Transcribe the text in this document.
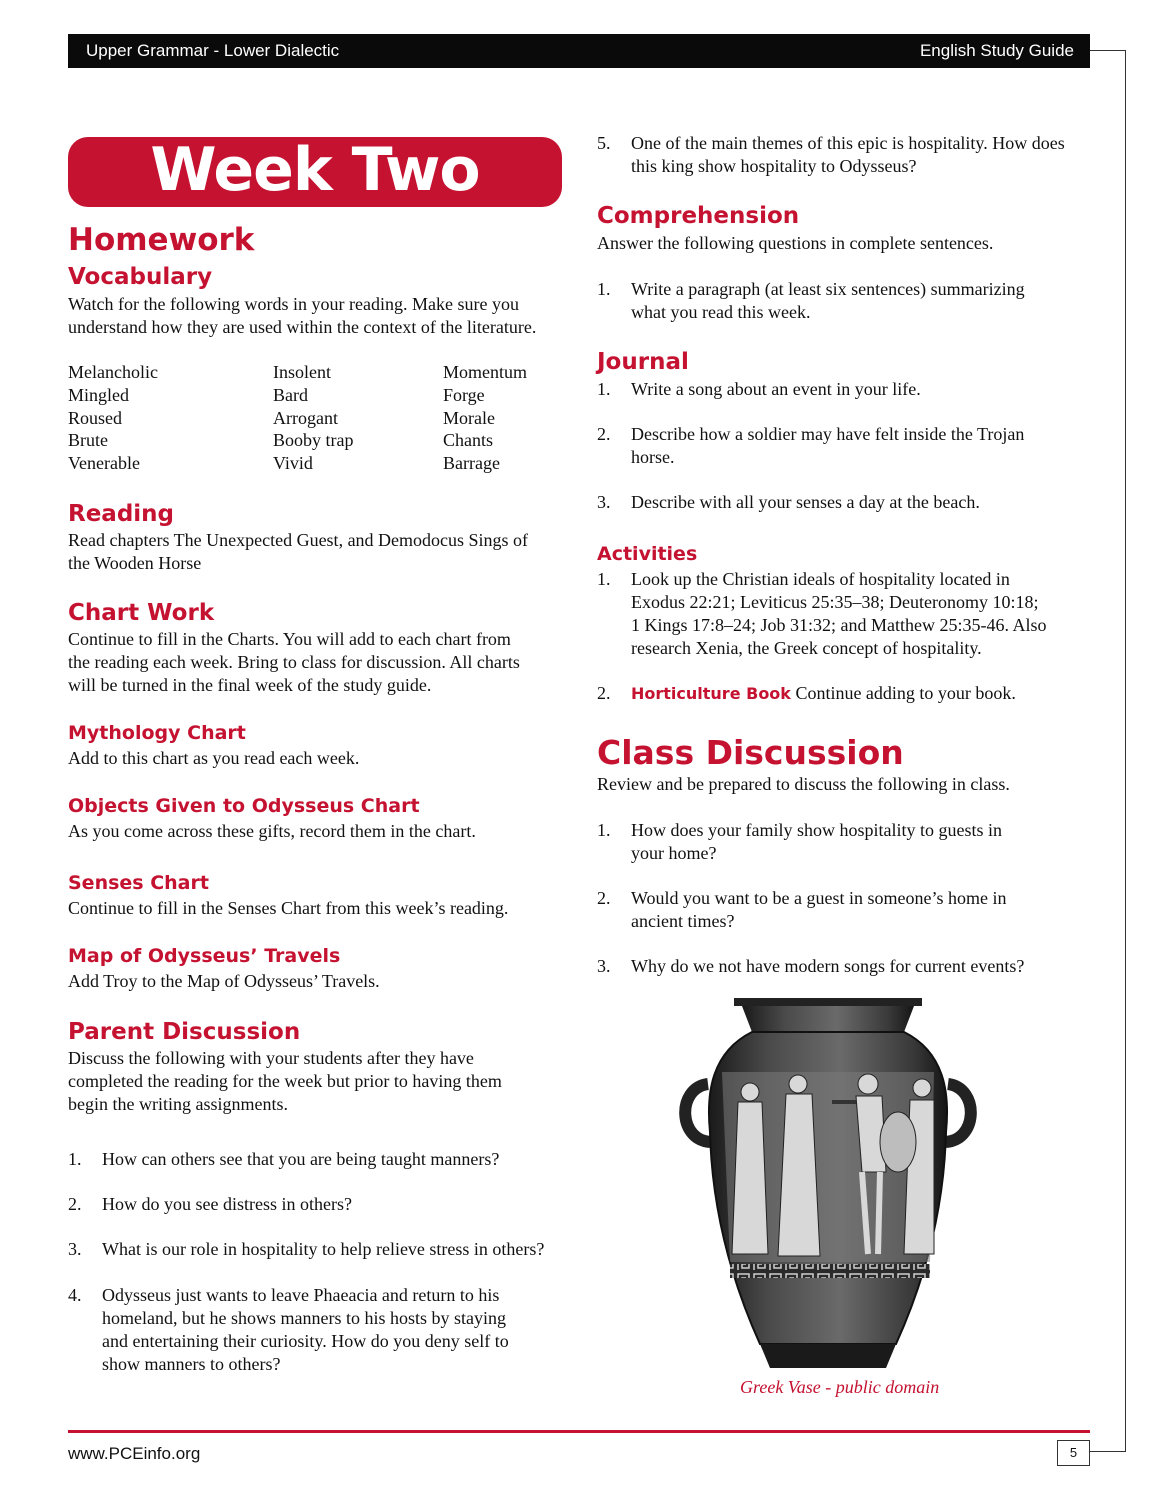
Upper Grammar - Lower Dialectic	English Study Guide
Week Two
Homework
Vocabulary
Watch for the following words in your reading. Make sure you
understand how they are used within the context of the literature.
Melancholic
Mingled
Roused
Brute
Venerable
Insolent
Bard
Arrogant
Booby trap
Vivid
Momentum
Forge
Morale
Chants
Barrage
Reading
Read chapters The Unexpected Guest, and Demodocus Sings of
the Wooden Horse
Chart Work
Continue to fill in the Charts. You will add to each chart from
the reading each week. Bring to class for discussion. All charts
will be turned in the final week of the study guide.
Mythology Chart
Add to this chart as you read each week.
Objects Given to Odysseus Chart
As you come across these gifts, record them in the chart.
Senses Chart
Continue to fill in the Senses Chart from this week’s reading.
Map of Odysseus’ Travels
Add Troy to the Map of Odysseus’ Travels.
Parent Discussion
Discuss the following with your students after they have
completed the reading for the week but prior to having them
begin the writing assignments.
1. How can others see that you are being taught manners?
2. How do you see distress in others?
3. What is our role in hospitality to help relieve stress in others?
4. Odysseus just wants to leave Phaeacia and return to his
homeland, but he shows manners to his hosts by staying
and entertaining their curiosity. How do you deny self to
show manners to others?
5. One of the main themes of this epic is hospitality. How does
this king show hospitality to Odysseus?
Comprehension
Answer the following questions in complete sentences.
1. Write a paragraph (at least six sentences) summarizing
what you read this week.
Journal
1. Write a song about an event in your life.
2. Describe how a soldier may have felt inside the Trojan
horse.
3. Describe with all your senses a day at the beach.
Activities
1. Look up the Christian ideals of hospitality located in
Exodus 22:21; Leviticus 25:35–38; Deuteronomy 10:18;
1 Kings 17:8–24; Job 31:32; and Matthew 25:35-46. Also
research Xenia, the Greek concept of hospitality.
2. Horticulture Book Continue adding to your book.
Class Discussion
Review and be prepared to discuss the following in class.
1. How does your family show hospitality to guests in
your home?
2. Would you want to be a guest in someone’s home in
ancient times?
3. Why do we not have modern songs for current events?
Greek Vase - public domain
www.PCEinfo.org	5
